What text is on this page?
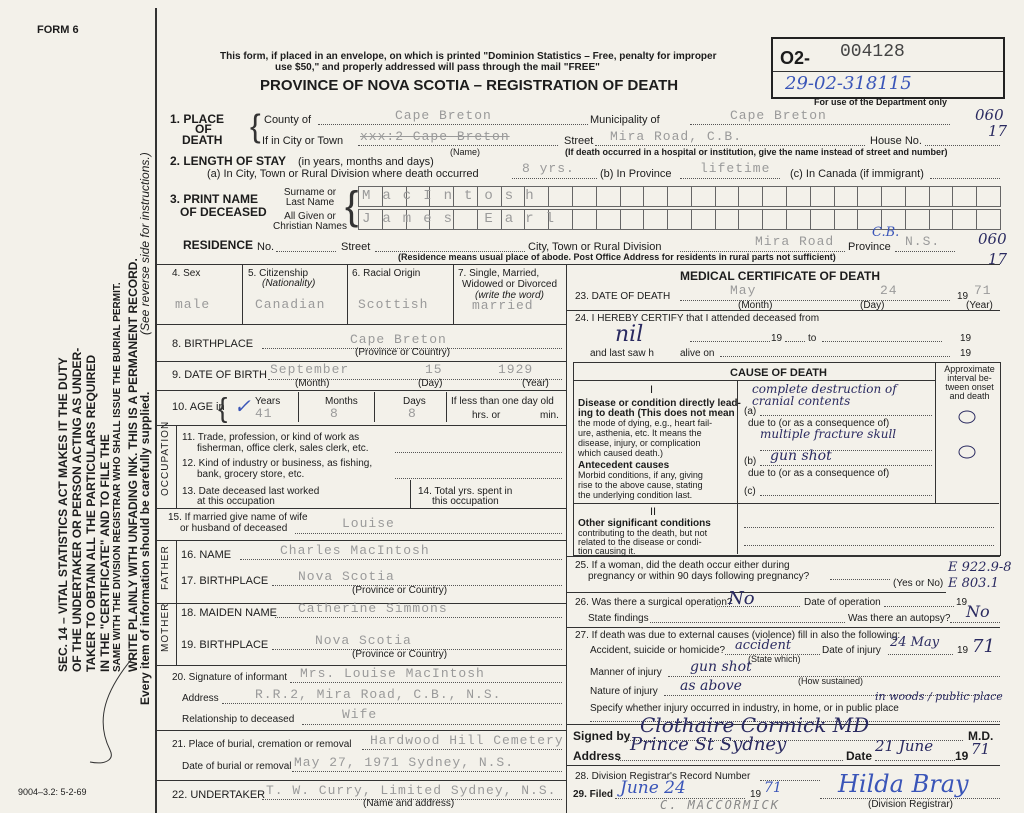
FORM 6
SEC. 14 – VITAL STATISTICS ACT MAKES IT THE DUTY OF THE UNDERTAKER OR PERSON ACTING AS UNDER- TAKER TO OBTAIN ALL THE PARTICULARS REQUIRED IN THE "CERTIFICATE" AND TO FILE THE SAME WITH THE DIVISION REGISTRAR WHO SHALL ISSUE THE BURIAL PERMIT. WRITE PLAINLY WITH UNFADING INK. THIS IS A PERMANENT RECORD.
Every item of information should be carefully supplied.
(See reverse side for instructions.)
9004–3.2: 5-2-69
This form, if placed in an envelope, on which is printed "Dominion Statistics – Free, penalty for improper
use $50," and properly addressed will pass through the mail "FREE"
PROVINCE OF NOVA SCOTIA – REGISTRATION OF DEATH
O2- 004128
29-02-318115
For use of the Department only
1. PLACE
OF
DEATH { County of	Cape Breton	Municipality of	Cape Breton	060
If in City or Town xxx:2 Cape Breton
(Name)
Street Mira Road, C.B.	House No.
17
(If death occurred in a hospital or institution, give the name instead of street and number)
2. LENGTH OF STAY (in years, months and days)
(a) In City, Town or Rural Division where death occurred	8 yrs. (b) In Province lifetime (c) In Canada (if immigrant)
3. PRINT NAME
OF DECEASED
Surname or
Last Name
All Given or
Christian Names
{ MacIntosh
James Earl
RESIDENCE No.	Street	City, Town or Rural Division	Mira Road Province N.S.
C.B.	060
17
(Residence means usual place of abode. Post Office Address for residents in rural parts not sufficient)
4. Sex
male
5. Citizenship
(Nationality)
Canadian
6. Racial Origin
Scottish
7. Single, Married,
Widowed or Divorced
(write the word)
married
8. BIRTHPLACE	Cape Breton
(Province or Country)
9. DATE OF BIRTH September	15	1929
(Month)	(Day)	(Year)
10. AGE in
{	Years	Months	Days
41	8	8
✓	If less than one day old
hrs. or	min.
OCCUPATION 11. Trade, profession, or kind of work as
fisherman, office clerk, sales clerk, etc.
12. Kind of industry or business, as fishing,
bank, grocery store, etc.
13. Date deceased last worked
at this occupation
14. Total yrs. spent in
this occupation
15. If married give name of wife
or husband of deceased	Louise
FATHER 16. NAME	Charles MacIntosh
17. BIRTHPLACE Nova Scotia
(Province or Country)
MOTHER 18. MAIDEN NAME Catherine Simmons
19. BIRTHPLACE	Nova Scotia
(Province or Country)
20. Signature of informant Mrs. Louise MacIntosh
Address	R.R.2, Mira Road, C.B., N.S.
Relationship to deceased	Wife
21. Place of burial, cremation or removal Hardwood Hill Cemetery
Date of burial or removal May 27, 1971 Sydney, N.S.
22. UNDERTAKER T. W. Curry, Limited Sydney, N.S.
(Name and address)
MEDICAL CERTIFICATE OF DEATH
23. DATE OF DEATH	May	24	19 71
(Month)	(Day)	(Year)
24. I HEREBY CERTIFY that I attended deceased from
nil	19	to	19
and last saw h	alive on	19
CAUSE OF DEATH	Approximate
interval be-
tween onset
and death
I
Disease or condition directly lead-
ing to death (This does not mean
the mode of dying, e.g., heart fail-
ure, asthenia, etc. It means the
disease, injury, or complication
which caused death.)
Antecedent causes
Morbid conditions, if any, giving
rise to the above cause, stating
the underlying condition last.
(a)
complete destruction of cranial contents
due to (or as a consequence of)
multiple fracture skull
(b) gun shot
due to (or as a consequence of)
(c)
II
Other significant conditions
contributing to the death, but not
related to the disease or condi-
tion causing it.
25. If a woman, did the death occur either during
pregnancy or within 90 days following pregnancy?
(Yes or No)
E 922.9-8 E 803.1
26. Was there a surgical operation?
No	Date of operation	19
State findings	Was there an autopsy? No
27. If death was due to external causes (violence) fill in also the following:
Accident, suicide or homicide? accident
(State which)
Date of injury
24 May
19 71
Manner of injury gun shot
(How sustained)
Nature of injury as above
Specify whether injury occurred in industry, in home, or in public place
in woods / public place
Signed by Clothaire Cormick MD	M.D.
Address
Prince St Sydney
Date
21 June
19 71
28. Division Registrar's Record Number
29. Filed June 24	19 71 Hilda Bray
(Division Registrar)
C. MACCORMICK
